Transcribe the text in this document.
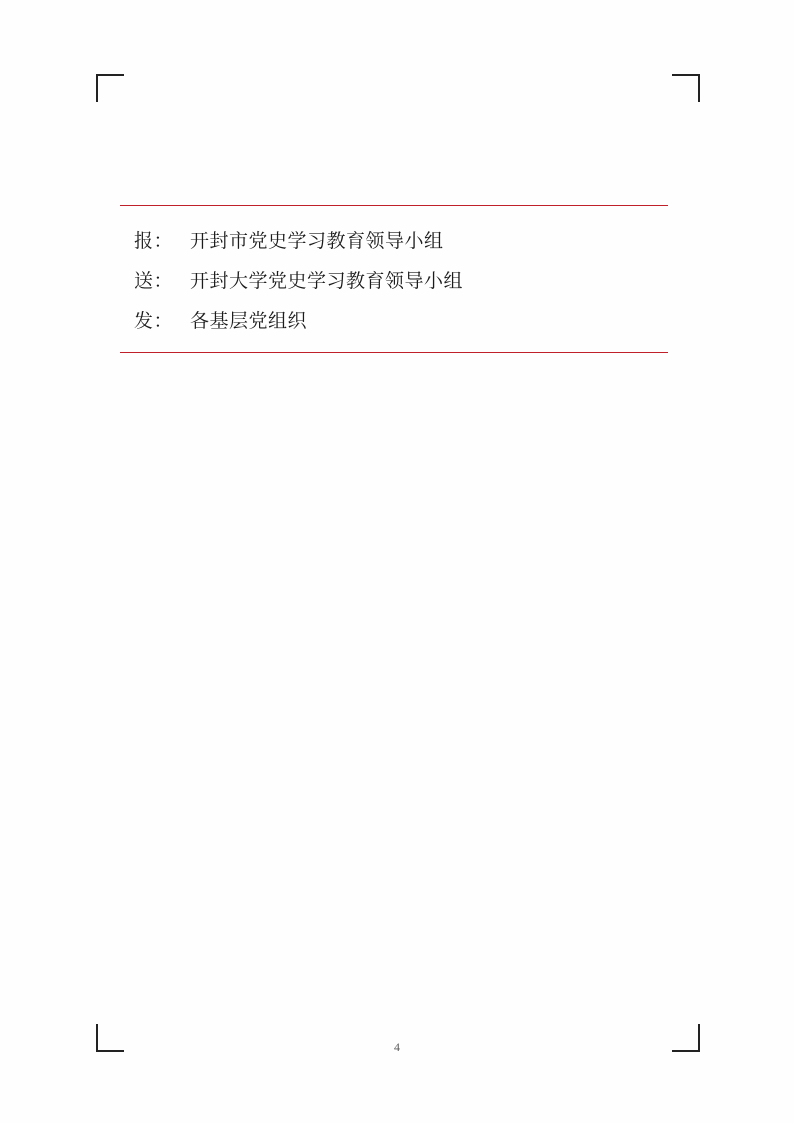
报： 开封市党史学习教育领导小组
送： 开封大学党史学习教育领导小组
发： 各基层党组织
4
